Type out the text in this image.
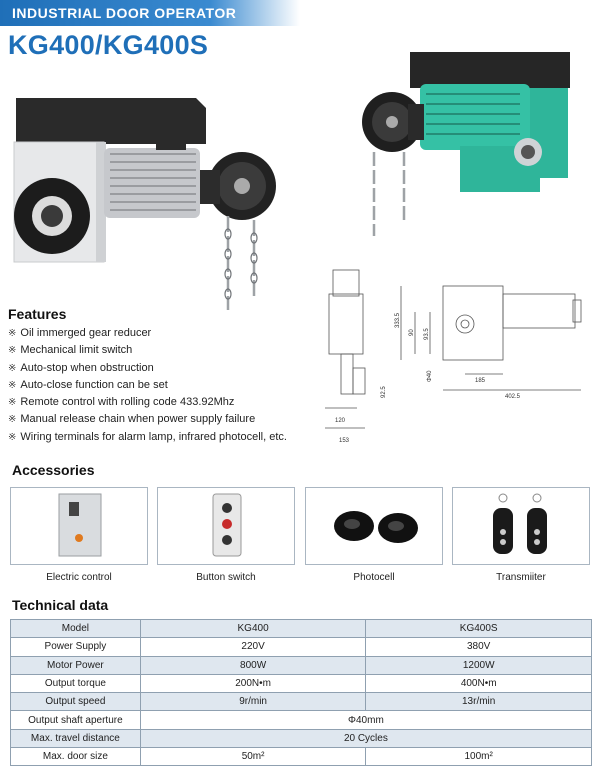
INDUSTRIAL DOOR OPERATOR
KG400/KG400S
333.5
90 93.5
185
402.5
Φ40
92.5
120
153
Features
※ Oil immerged gear reducer
※ Mechanical limit switch
※ Auto-stop when obstruction
※ Auto-close function can be set
※ Remote control with rolling code 433.92Mhz
※ Manual release chain when power supply failure
※ Wiring terminals for alarm lamp, infrared photocell, etc.
Accessories
Electric control	Button switch	Photocell	Transmiiter
Technical data
Model	KG400	KG400S
Power Supply	220V	380V
Motor Power	800W	1200W
Output torque	200N•m	400N•m
Output speed	9r/min	13r/min
Output shaft aperture	Φ40mm	
Max. travel distance	20 Cycles	
Max. door size	50m²	100m²
